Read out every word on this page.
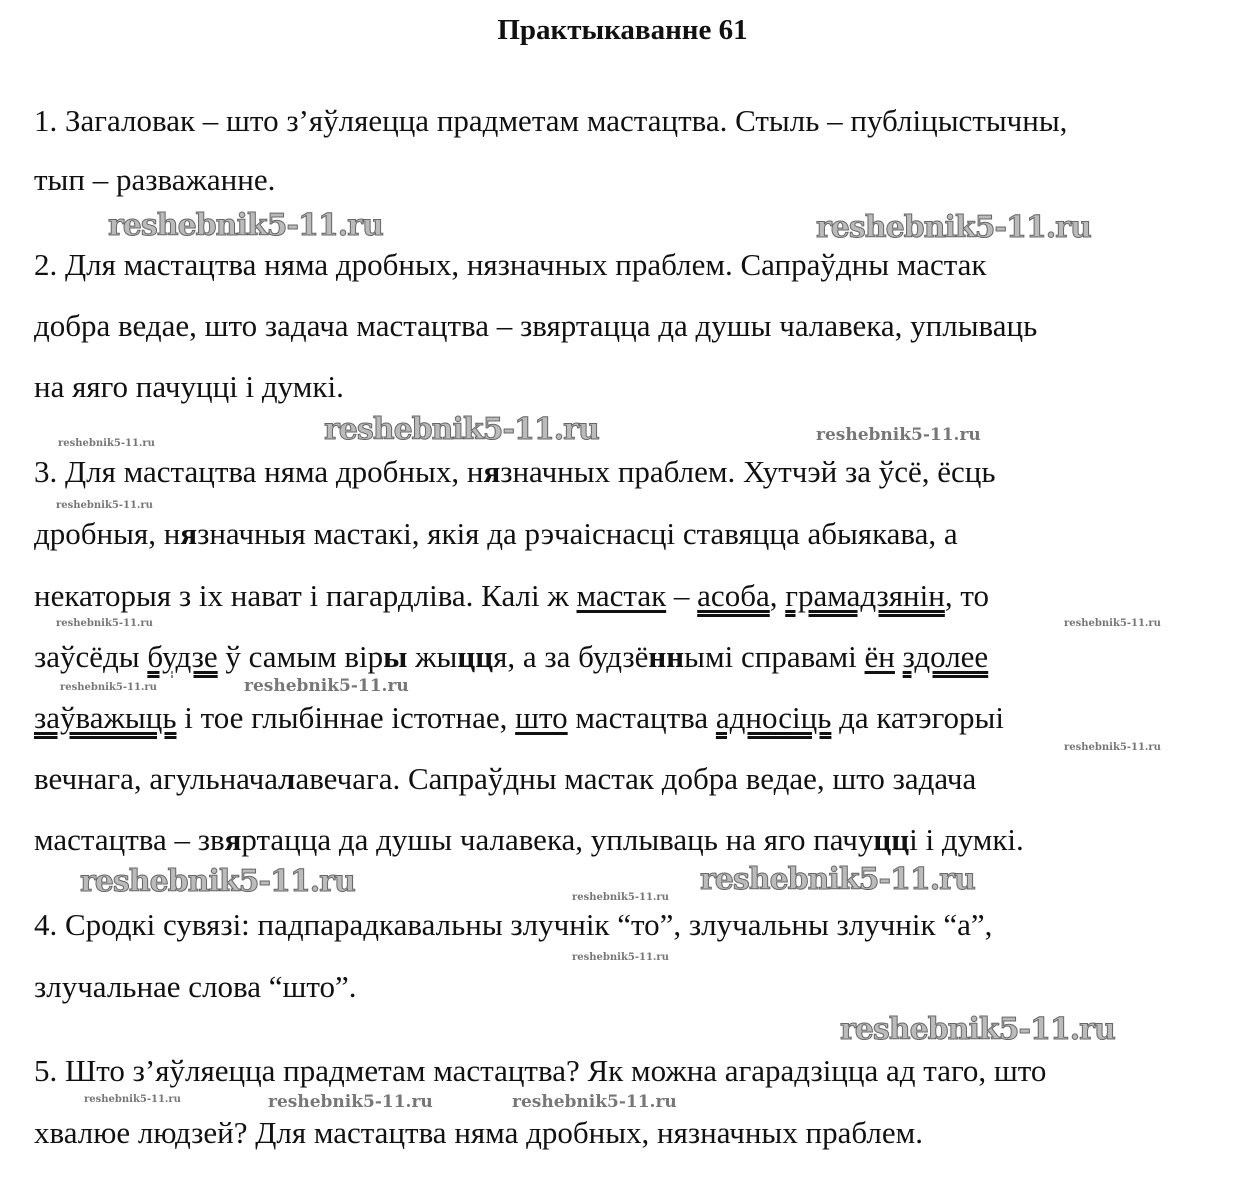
Практыкаванне 61
1. Загаловак – што з’яўляецца прадметам мастацтва. Стыль – публіцыстычны,
тып – разважанне.
2. Для мастацтва няма дробных, нязначных праблем. Сапраўдны мастак
добра ведае, што задача мастацтва – звяртацца да душы чалавека, уплываць
на яяго пачуцці і думкі.
3. Для мастацтва няма дробных, нязначных праблем. Хутчэй за ўсё, ёсць
дробныя, нязначныя мастакі, якія да рэчаіснасці ставяцца абыякава, а
некаторыя з іх нават і пагардліва. Калі ж мастак – асоба, грамадзянін, то
заўсёды будзе ў самым віры жыцця, а за будзённымі справамі ён здолее
заўважыць і тое глыбіннае істотнае, што мастацтва адносіць да катэгорыі
вечнага, агульначалавечага. Сапраўдны мастак добра ведае, што задача
мастацтва – звяртацца да душы чалавека, уплываць на яго пачуцці і думкі.
4. Сродкі сувязі: падпарадкавальны злучнік “то”, злучальны злучнік “а”,
злучальнае слова “што”.
5. Што з’яўляецца прадметам мастацтва? Як можна агарадзіцца ад таго, што
хвалюе людзей? Для мастацтва няма дробных, нязначных праблем.
reshebnik5-11.ru	reshebnik5-11.ru
reshebnik5-11.ru
reshebnik5-11.ru
reshebnik5-11.ru
reshebnik5-11.ru
reshebnik5-11.ru
reshebnik5-11.ru
reshebnik5-11.ru	reshebnik5-11.ru
reshebnik5-11.ru
reshebnik5-11.ru
reshebnik5-11.ru	reshebnik5-11.ru
reshebnik5-11.ru
reshebnik5-11.ru
reshebnik5-11.ru
reshebnik5-11.ru
reshebnik5-11.ru
